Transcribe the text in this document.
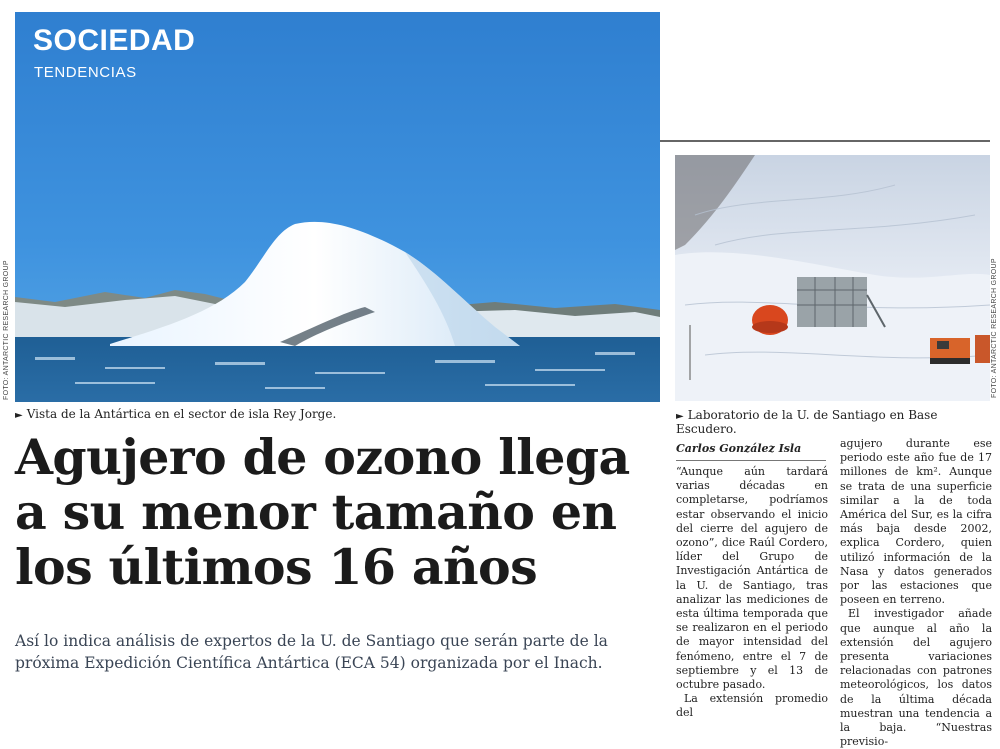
SOCIEDAD
TENDENCIAS
FOTO: ANTARCTIC RESEARCH GROUP
► Vista de la Antártica en el sector de isla Rey Jorge.
FOTO: ANTARCTIC RESEARCH GROUP
► Laboratorio de la U. de Santiago en Base Escudero.
Agujero de ozono llega a su menor tamaño en los últimos 16 años
Así lo indica análisis de expertos de la U. de Santiago que serán parte de la próxima Expedición Científica Antártica (ECA 54) organizada por el Inach.
Carlos González Isla

“Aunque aún tardará varias décadas en completarse, podríamos estar observando el inicio del cierre del agujero de ozono”, dice Raúl Cordero, líder del Grupo de Investigación Antártica de la U. de Santiago, tras analizar las mediciones de esta última temporada que se realizaron en el periodo de mayor intensidad del fenómeno, entre el 7 de septiembre y el 13 de octubre pasado.

La extensión promedio del

agujero durante ese periodo este año fue de 17 millones de km². Aunque se trata de una superficie similar a la de toda América del Sur, es la cifra más baja desde 2002, explica Cordero, quien utilizó información de la Nasa y datos generados por las estaciones que poseen en terreno.

El investigador añade que aunque al año la extensión del agujero presenta variaciones relacionadas con patrones meteorológicos, los datos de la última década muestran una tendencia a la baja. “Nuestras previsio-
